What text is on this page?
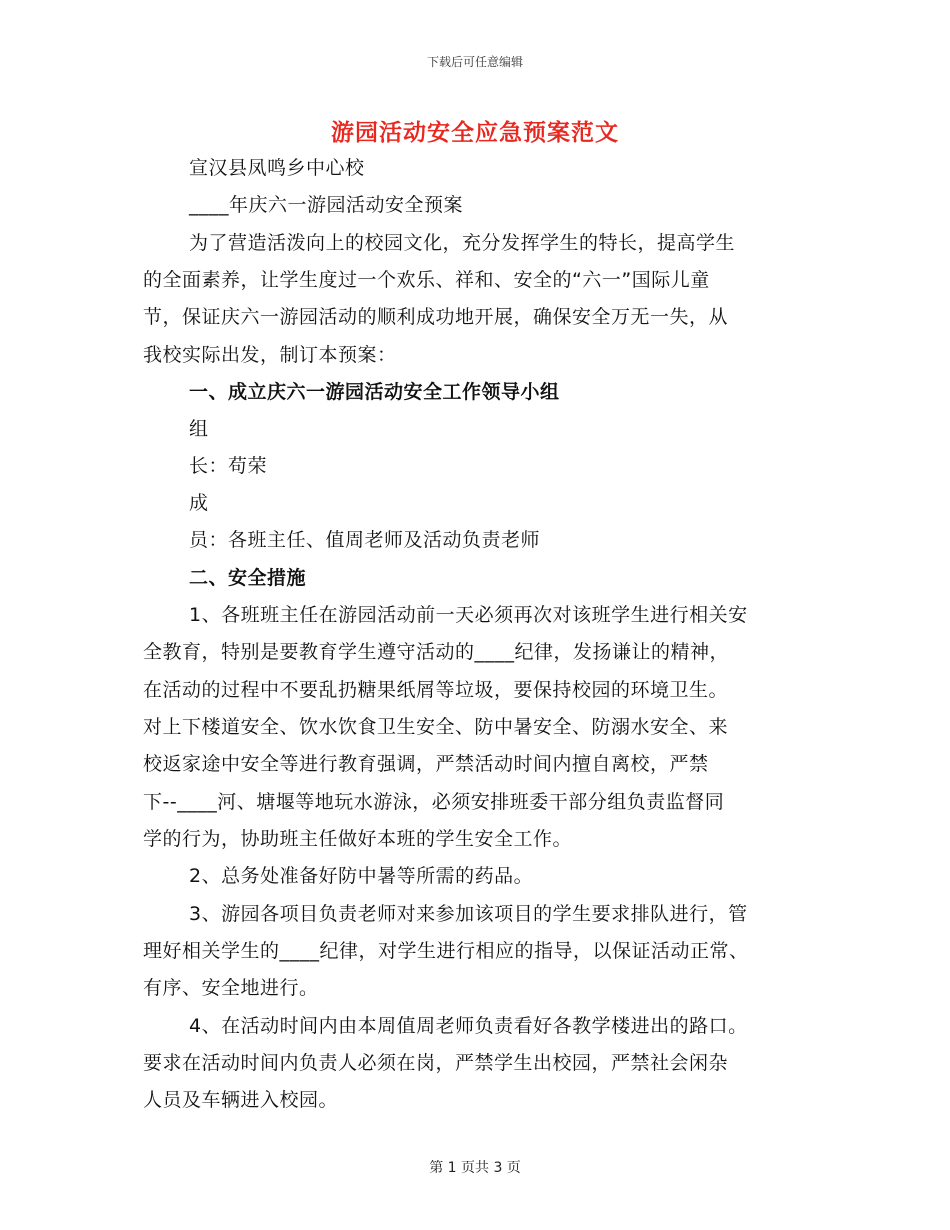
下载后可任意编辑
游园活动安全应急预案范文
宣汉县凤鸣乡中心校
____年庆六一游园活动安全预案
为了营造活泼向上的校园文化，充分发挥学生的特长，提高学生
的全面素养，让学生度过一个欢乐、祥和、安全的“六一”国际儿童
节，保证庆六一游园活动的顺利成功地开展，确保安全万无一失，从
我校实际出发，制订本预案：
一、成立庆六一游园活动安全工作领导小组
组
长：苟荣
成
员：各班主任、值周老师及活动负责老师
二、安全措施
1、各班班主任在游园活动前一天必须再次对该班学生进行相关安
全教育，特别是要教育学生遵守活动的____纪律，发扬谦让的精神，
在活动的过程中不要乱扔糖果纸屑等垃圾，要保持校园的环境卫生。
对上下楼道安全、饮水饮食卫生安全、防中暑安全、防溺水安全、来
校返家途中安全等进行教育强调，严禁活动时间内擅自离校，严禁
下--____河、塘堰等地玩水游泳，必须安排班委干部分组负责监督同
学的行为，协助班主任做好本班的学生安全工作。
2、总务处准备好防中暑等所需的药品。
3、游园各项目负责老师对来参加该项目的学生要求排队进行，管
理好相关学生的____纪律，对学生进行相应的指导，以保证活动正常、
有序、安全地进行。
4、在活动时间内由本周值周老师负责看好各教学楼进出的路口。
要求在活动时间内负责人必须在岗，严禁学生出校园，严禁社会闲杂
人员及车辆进入校园。
第 1 页共 3 页
